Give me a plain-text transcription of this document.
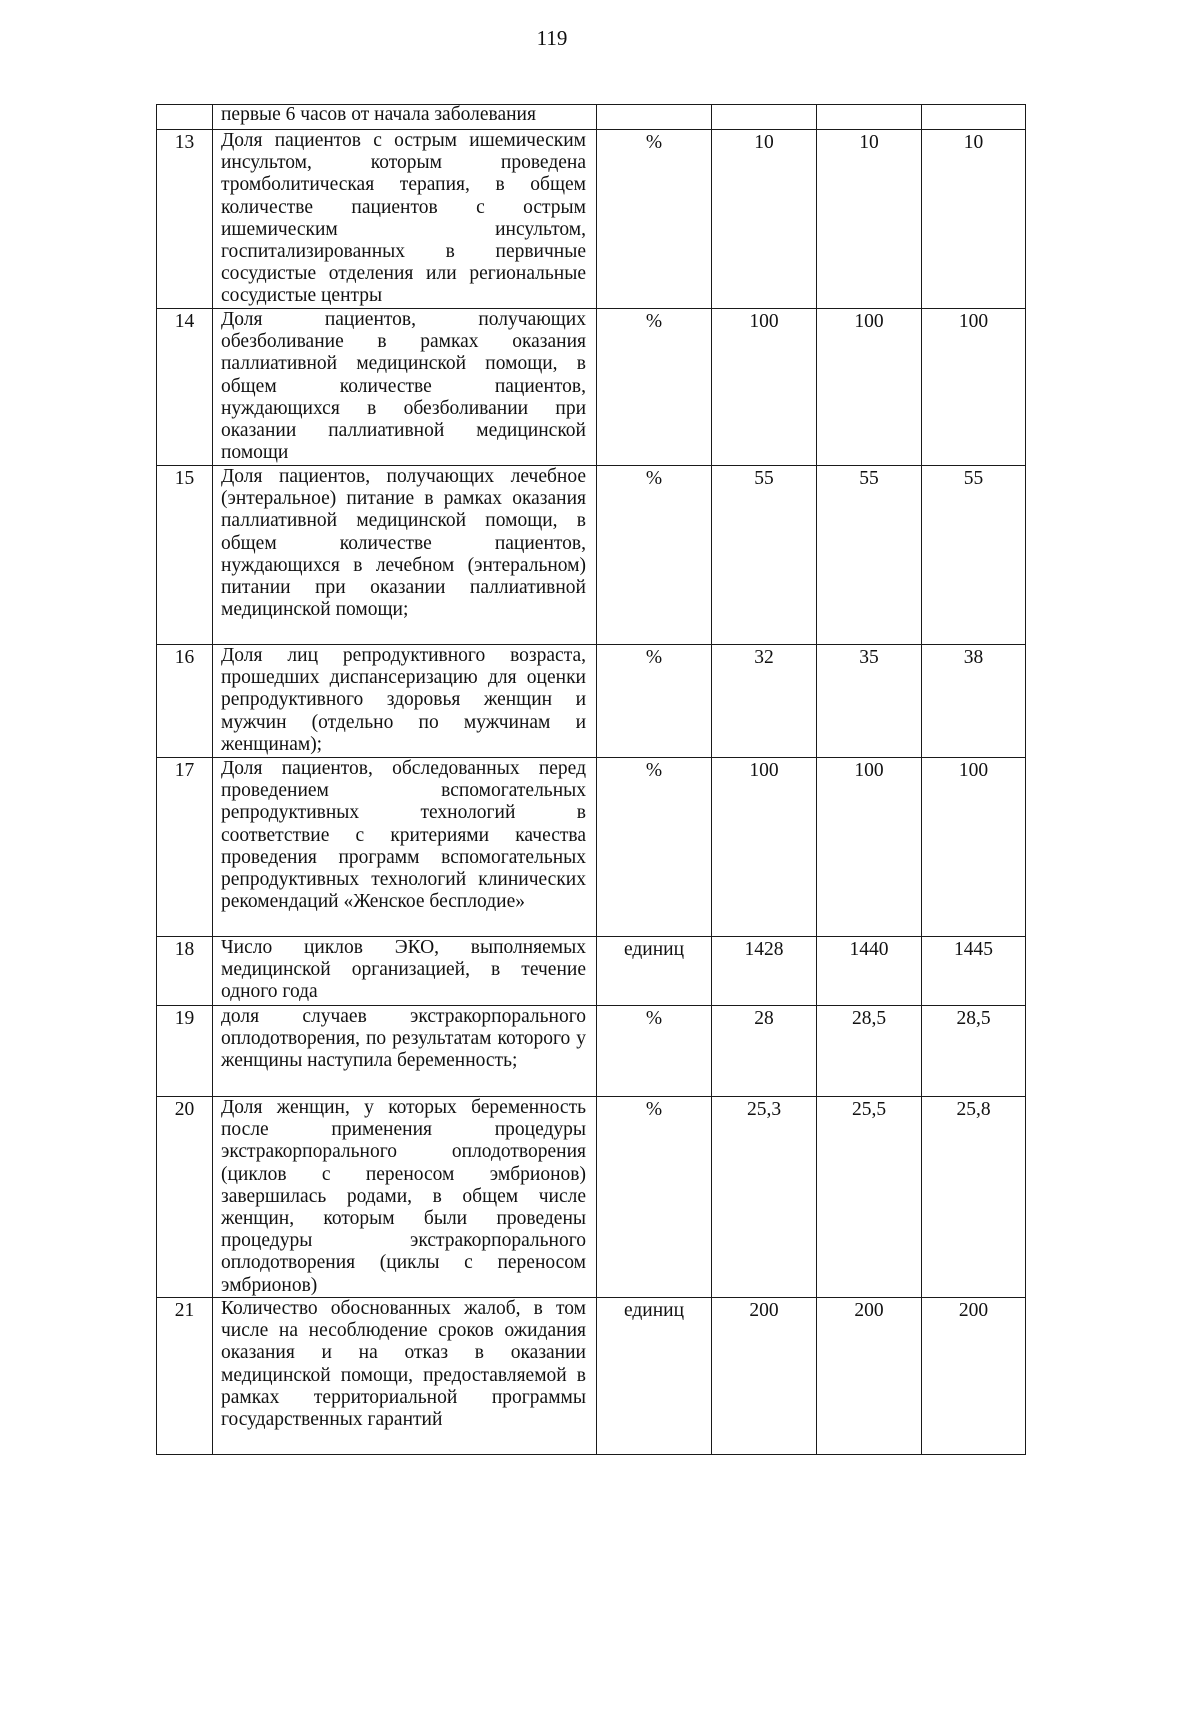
119
	первые 6 часов от начала заболевания				
13	Доля пациентов с острым ишемическим инсультом, которым проведена тромболитическая терапия, в общем количестве пациентов с острым ишемическим инсультом, госпитализированных в первичные сосудистые отделения или региональные сосудистые центры	%	10	10	10
14	Доля пациентов, получающих обезболивание в рамках оказания паллиативной медицинской помощи, в общем количестве пациентов, нуждающихся в обезболивании при оказании паллиативной медицинской помощи	%	100	100	100
15	Доля пациентов, получающих лечебное (энтеральное) питание в рамках оказания паллиативной медицинской помощи, в общем количестве пациентов, нуждающихся в лечебном (энтеральном) питании при оказании паллиативной медицинской помощи;	%	55	55	55
16	Доля лиц репродуктивного возраста, прошедших диспансеризацию для оценки репродуктивного здоровья женщин и мужчин (отдельно по мужчинам и женщинам);	%	32	35	38
17	Доля пациентов, обследованных перед проведением вспомогательных репродуктивных технологий в соответствие с критериями качества проведения программ вспомогательных репродуктивных технологий клинических рекомендаций «Женское бесплодие»	%	100	100	100
18	Число циклов ЭКО, выполняемых медицинской организацией, в течение одного года	единиц	1428	1440	1445
19	доля случаев экстракорпорального оплодотворения, по результатам которого у женщины наступила беременность;	%	28	28,5	28,5
20	Доля женщин, у которых беременность после применения процедуры экстракорпорального оплодотворения (циклов с переносом эмбрионов) завершилась родами, в общем числе женщин, которым были проведены процедуры экстракорпорального оплодотворения (циклы с переносом эмбрионов)	%	25,3	25,5	25,8
21	Количество обоснованных жалоб, в том числе на несоблюдение сроков ожидания оказания и на отказ в оказании медицинской помощи, предоставляемой в рамках территориальной программы государственных гарантий	единиц	200	200	200
